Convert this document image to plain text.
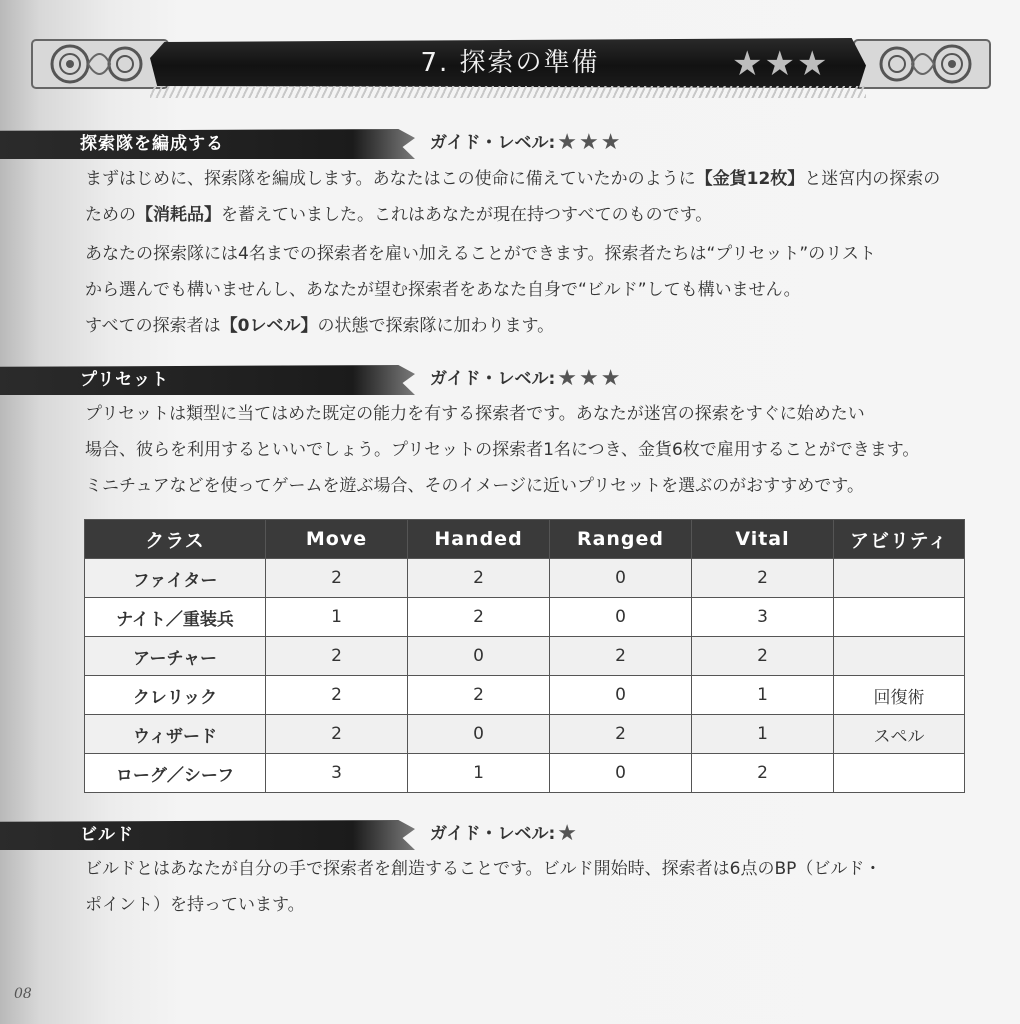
7. 探索の準備	★ ★ ★
探索隊を編成する	ガイド・レベル: ★ ★ ★
まずはじめに、探索隊を編成します。あなたはこの使命に備えていたかのように【金貨12枚】と迷宮内の探索の
ための【消耗品】を蓄えていました。これはあなたが現在持つすべてのものです。
あなたの探索隊には4名までの探索者を雇い加えることができます。探索者たちは“プリセット”のリスト
から選んでも構いませんし、あなたが望む探索者をあなた自身で“ビルド”しても構いません。
すべての探索者は【0レベル】の状態で探索隊に加わります。
プリセット	ガイド・レベル: ★ ★ ★
プリセットは類型に当てはめた既定の能力を有する探索者です。あなたが迷宮の探索をすぐに始めたい
場合、彼らを利用するといいでしょう。プリセットの探索者1名につき、金貨6枚で雇用することができます。
ミニチュアなどを使ってゲームを遊ぶ場合、そのイメージに近いプリセットを選ぶのがおすすめです。
クラス	Move	Handed	Ranged	Vital	アビリティ
ファイター	2	2	0	2	
ナイト／重装兵	1	2	0	3	
アーチャー	2	0	2	2	
クレリック	2	2	0	1	回復術
ウィザード	2	0	2	1	スペル
ローグ／シーフ	3	1	0	2	
ビルド	ガイド・レベル: ★
ビルドとはあなたが自分の手で探索者を創造することです。ビルド開始時、探索者は6点のBP（ビルド・
ポイント）を持っています。
08
